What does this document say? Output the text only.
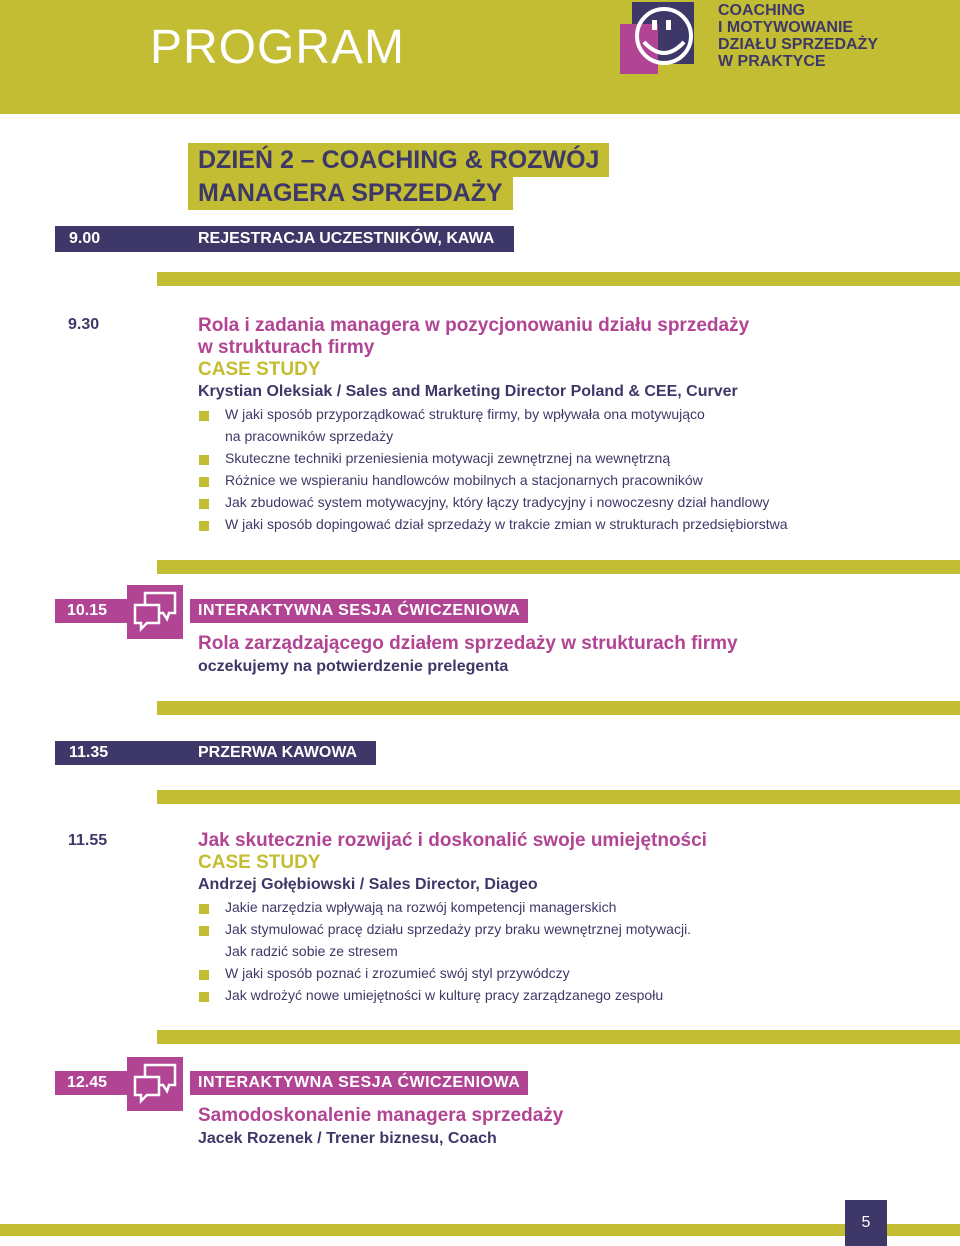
PROGRAM
COACHING
I MOTYWOWANIE
DZIAŁU SPRZEDAŻY
W PRAKTYCE
DZIEŃ 2 – COACHING & ROZWÓJ
MANAGERA SPRZEDAŻY
9.00	REJESTRACJA UCZESTNIKÓW, KAWA
9.30	Rola i zadania managera w pozycjonowaniu działu sprzedaży
w strukturach firmy
CASE STUDY
Krystian Oleksiak / Sales and Marketing Director Poland & CEE, Curver
W jaki sposób przyporządkować strukturę firmy, by wpływała ona motywująco
na pracowników sprzedaży
Skuteczne techniki przeniesienia motywacji zewnętrznej na wewnętrzną
Różnice we wspieraniu handlowców mobilnych a stacjonarnych pracowników
Jak zbudować system motywacyjny, który łączy tradycyjny i nowoczesny dział handlowy
W jaki sposób dopingować dział sprzedaży w trakcie zmian w strukturach przedsiębiorstwa
10.15	INTERAKTYWNA SESJA ĆWICZENIOWA
Rola zarządzającego działem sprzedaży w strukturach firmy
oczekujemy na potwierdzenie prelegenta
11.35	PRZERWA KAWOWA
11.55	Jak skutecznie rozwijać i doskonalić swoje umiejętności
CASE STUDY
Andrzej Gołębiowski / Sales Director, Diageo
Jakie narzędzia wpływają na rozwój kompetencji managerskich
Jak stymulować pracę działu sprzedaży przy braku wewnętrznej motywacji.
Jak radzić sobie ze stresem
W jaki sposób poznać i zrozumieć swój styl przywódczy
Jak wdrożyć nowe umiejętności w kulturę pracy zarządzanego zespołu
12.45	INTERAKTYWNA SESJA ĆWICZENIOWA
Samodoskonalenie managera sprzedaży
Jacek Rozenek / Trener biznesu, Coach
5
